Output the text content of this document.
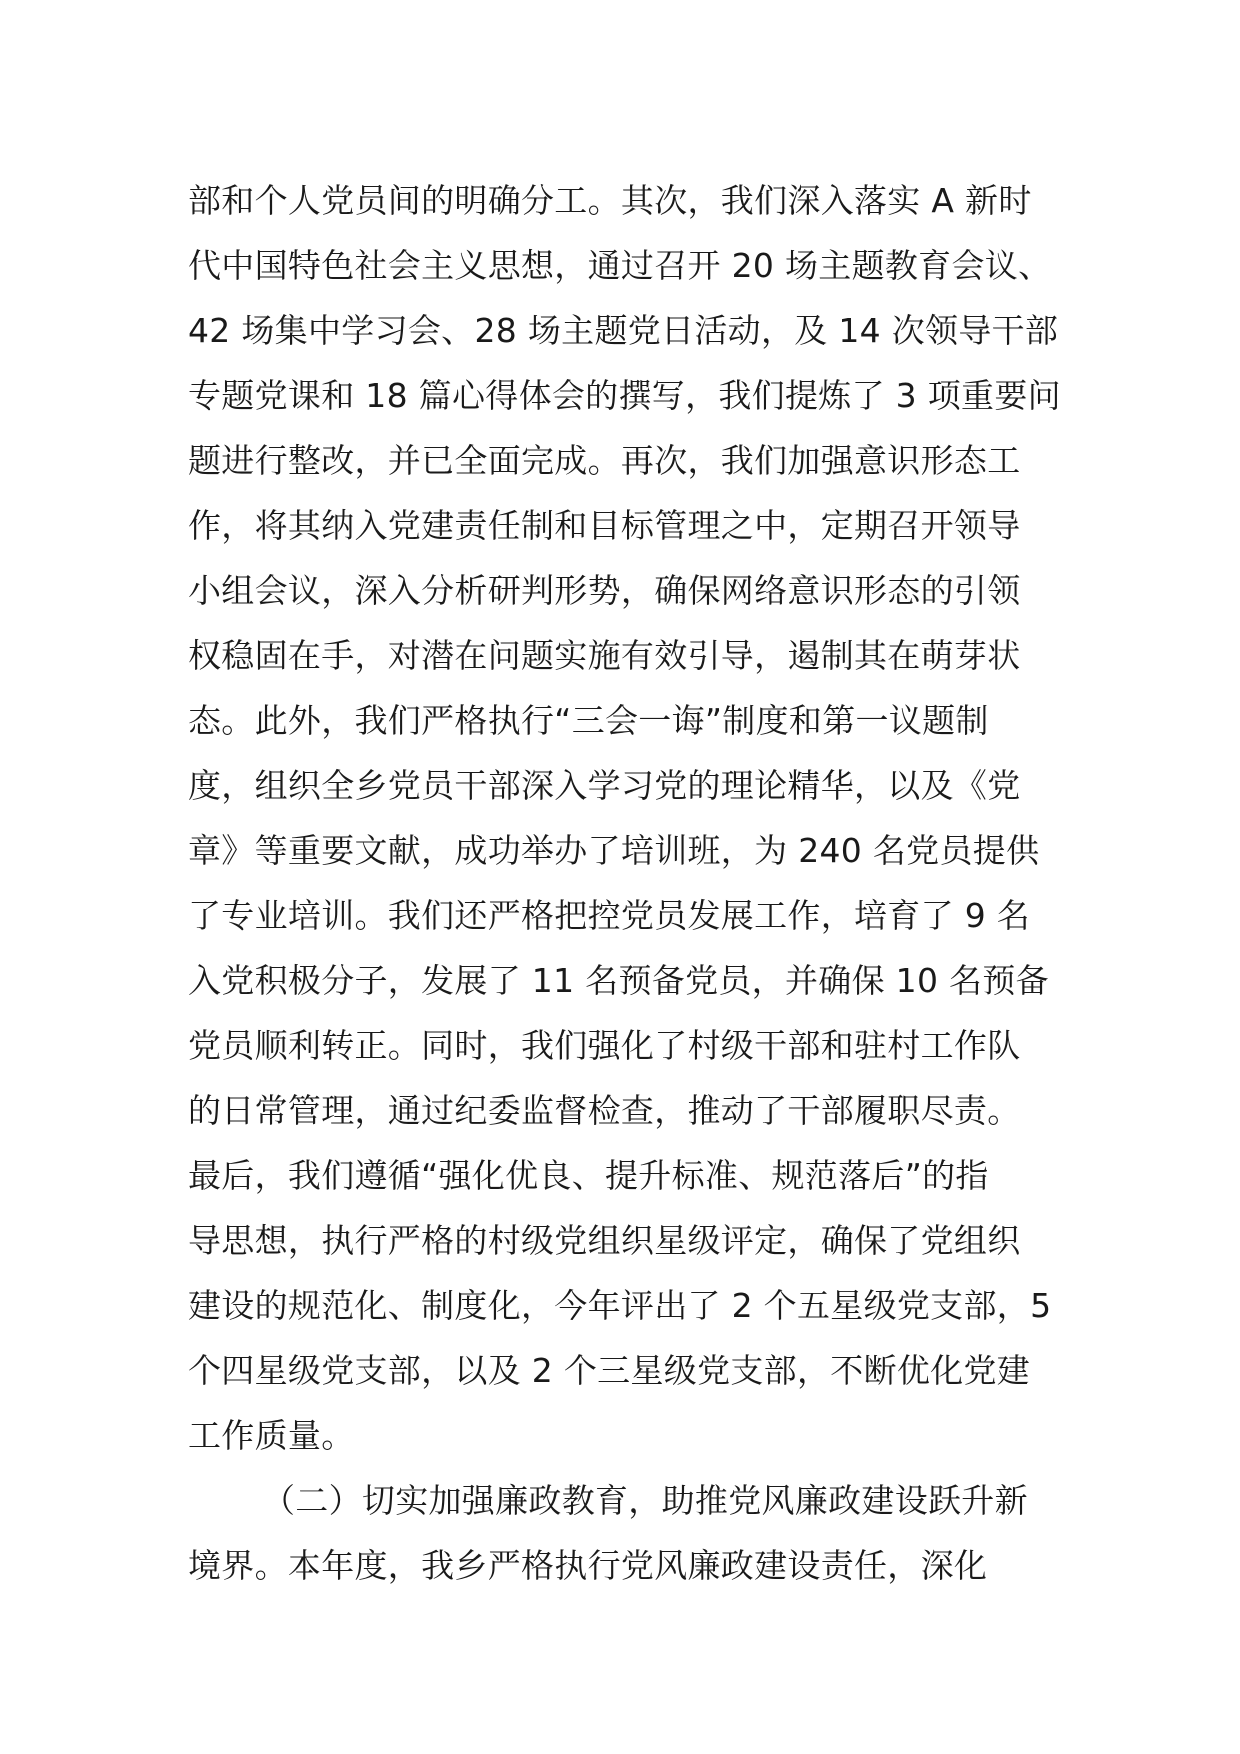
部和个人党员间的明确分工。其次，我们深入落实 A 新时
代中国特色社会主义思想，通过召开 20 场主题教育会议、
42 场集中学习会、28 场主题党日活动，及 14 次领导干部
专题党课和 18 篇心得体会的撰写，我们提炼了 3 项重要问
题进行整改，并已全面完成。再次，我们加强意识形态工
作，将其纳入党建责任制和目标管理之中，定期召开领导
小组会议，深入分析研判形势，确保网络意识形态的引领
权稳固在手，对潜在问题实施有效引导，遏制其在萌芽状
态。此外，我们严格执行“三会一诲”制度和第一议题制
度，组织全乡党员干部深入学习党的理论精华，以及《党
章》等重要文献，成功举办了培训班，为 240 名党员提供
了专业培训。我们还严格把控党员发展工作，培育了 9 名
入党积极分子，发展了 11 名预备党员，并确保 10 名预备
党员顺利转正。同时，我们强化了村级干部和驻村工作队
的日常管理，通过纪委监督检查，推动了干部履职尽责。
最后，我们遵循“强化优良、提升标准、规范落后”的指
导思想，执行严格的村级党组织星级评定，确保了党组织
建设的规范化、制度化，今年评出了 2 个五星级党支部，5
个四星级党支部，以及 2 个三星级党支部，不断优化党建
工作质量。
（二）切实加强廉政教育，助推党风廉政建设跃升新
境界。本年度，我乡严格执行党风廉政建设责任，深化
